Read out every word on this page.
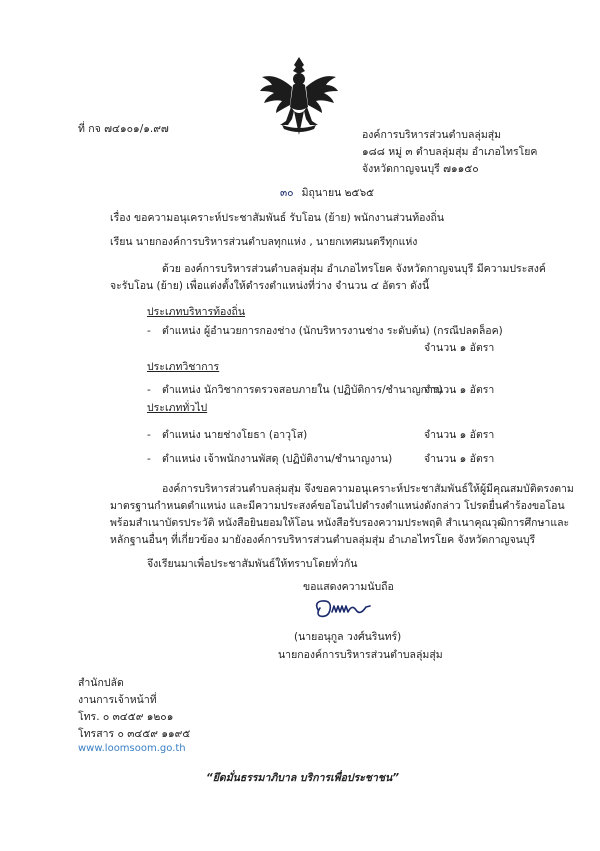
ที่ กจ ๗๔๑๐๑/๑.๙๗	องค์การบริหารส่วนตำบลลุ่มสุ่ม
๑๘๘ หมู่ ๓ ตำบลลุ่มสุ่ม อำเภอไทรโยค
จังหวัดกาญจนบุรี ๗๑๑๕๐
๓๐ มิถุนายน ๒๕๖๕
เรื่อง ขอความอนุเคราะห์ประชาสัมพันธ์ รับโอน (ย้าย) พนักงานส่วนท้องถิ่น
เรียน นายกองค์การบริหารส่วนตำบลทุกแห่ง , นายกเทศมนตรีทุกแห่ง
ด้วย องค์การบริหารส่วนตำบลลุ่มสุ่ม อำเภอไทรโยค จังหวัดกาญจนบุรี มีความประสงค์
จะรับโอน (ย้าย) เพื่อแต่งตั้งให้ดำรงตำแหน่งที่ว่าง จำนวน ๔ อัตรา ดังนี้
ประเภทบริหารท้องถิ่น
- ตำแหน่ง ผู้อำนวยการกองช่าง (นักบริหารงานช่าง ระดับต้น) (กรณีปลดล็อค)
จำนวน ๑ อัตรา
ประเภทวิชาการ
- ตำแหน่ง นักวิชาการตรวจสอบภายใน (ปฏิบัติการ/ชำนาญการ)
จำนวน ๑ อัตรา
ประเภททั่วไป
- ตำแหน่ง นายช่างโยธา (อาวุโส)	จำนวน ๑ อัตรา
- ตำแหน่ง เจ้าพนักงานพัสดุ (ปฏิบัติงาน/ชำนาญงาน)	จำนวน ๑ อัตรา
องค์การบริหารส่วนตำบลลุ่มสุ่ม จึงขอความอนุเคราะห์ประชาสัมพันธ์ให้ผู้มีคุณสมบัติตรงตาม
มาตรฐานกำหนดตำแหน่ง และมีความประสงค์ขอโอนไปดำรงตำแหน่งดังกล่าว โปรดยื่นคำร้องขอโอน
พร้อมสำเนาบัตรประวัติ หนังสือยินยอมให้โอน หนังสือรับรองความประพฤติ สำเนาคุณวุฒิการศึกษาและ
หลักฐานอื่นๆ ที่เกี่ยวข้อง มายังองค์การบริหารส่วนตำบลลุ่มสุ่ม อำเภอไทรโยค จังหวัดกาญจนบุรี
จึงเรียนมาเพื่อประชาสัมพันธ์ให้ทราบโดยทั่วกัน
ขอแสดงความนับถือ
(นายอนุกูล วงศ์นรินทร์)
นายกองค์การบริหารส่วนตำบลลุ่มสุ่ม
สำนักปลัด
งานการเจ้าหน้าที่
โทร. ๐ ๓๔๕๙ ๑๒๐๑
โทรสาร ๐ ๓๔๕๙ ๑๑๙๕
www.loomsoom.go.th
“ยึดมั่นธรรมาภิบาล บริการเพื่อประชาชน”
